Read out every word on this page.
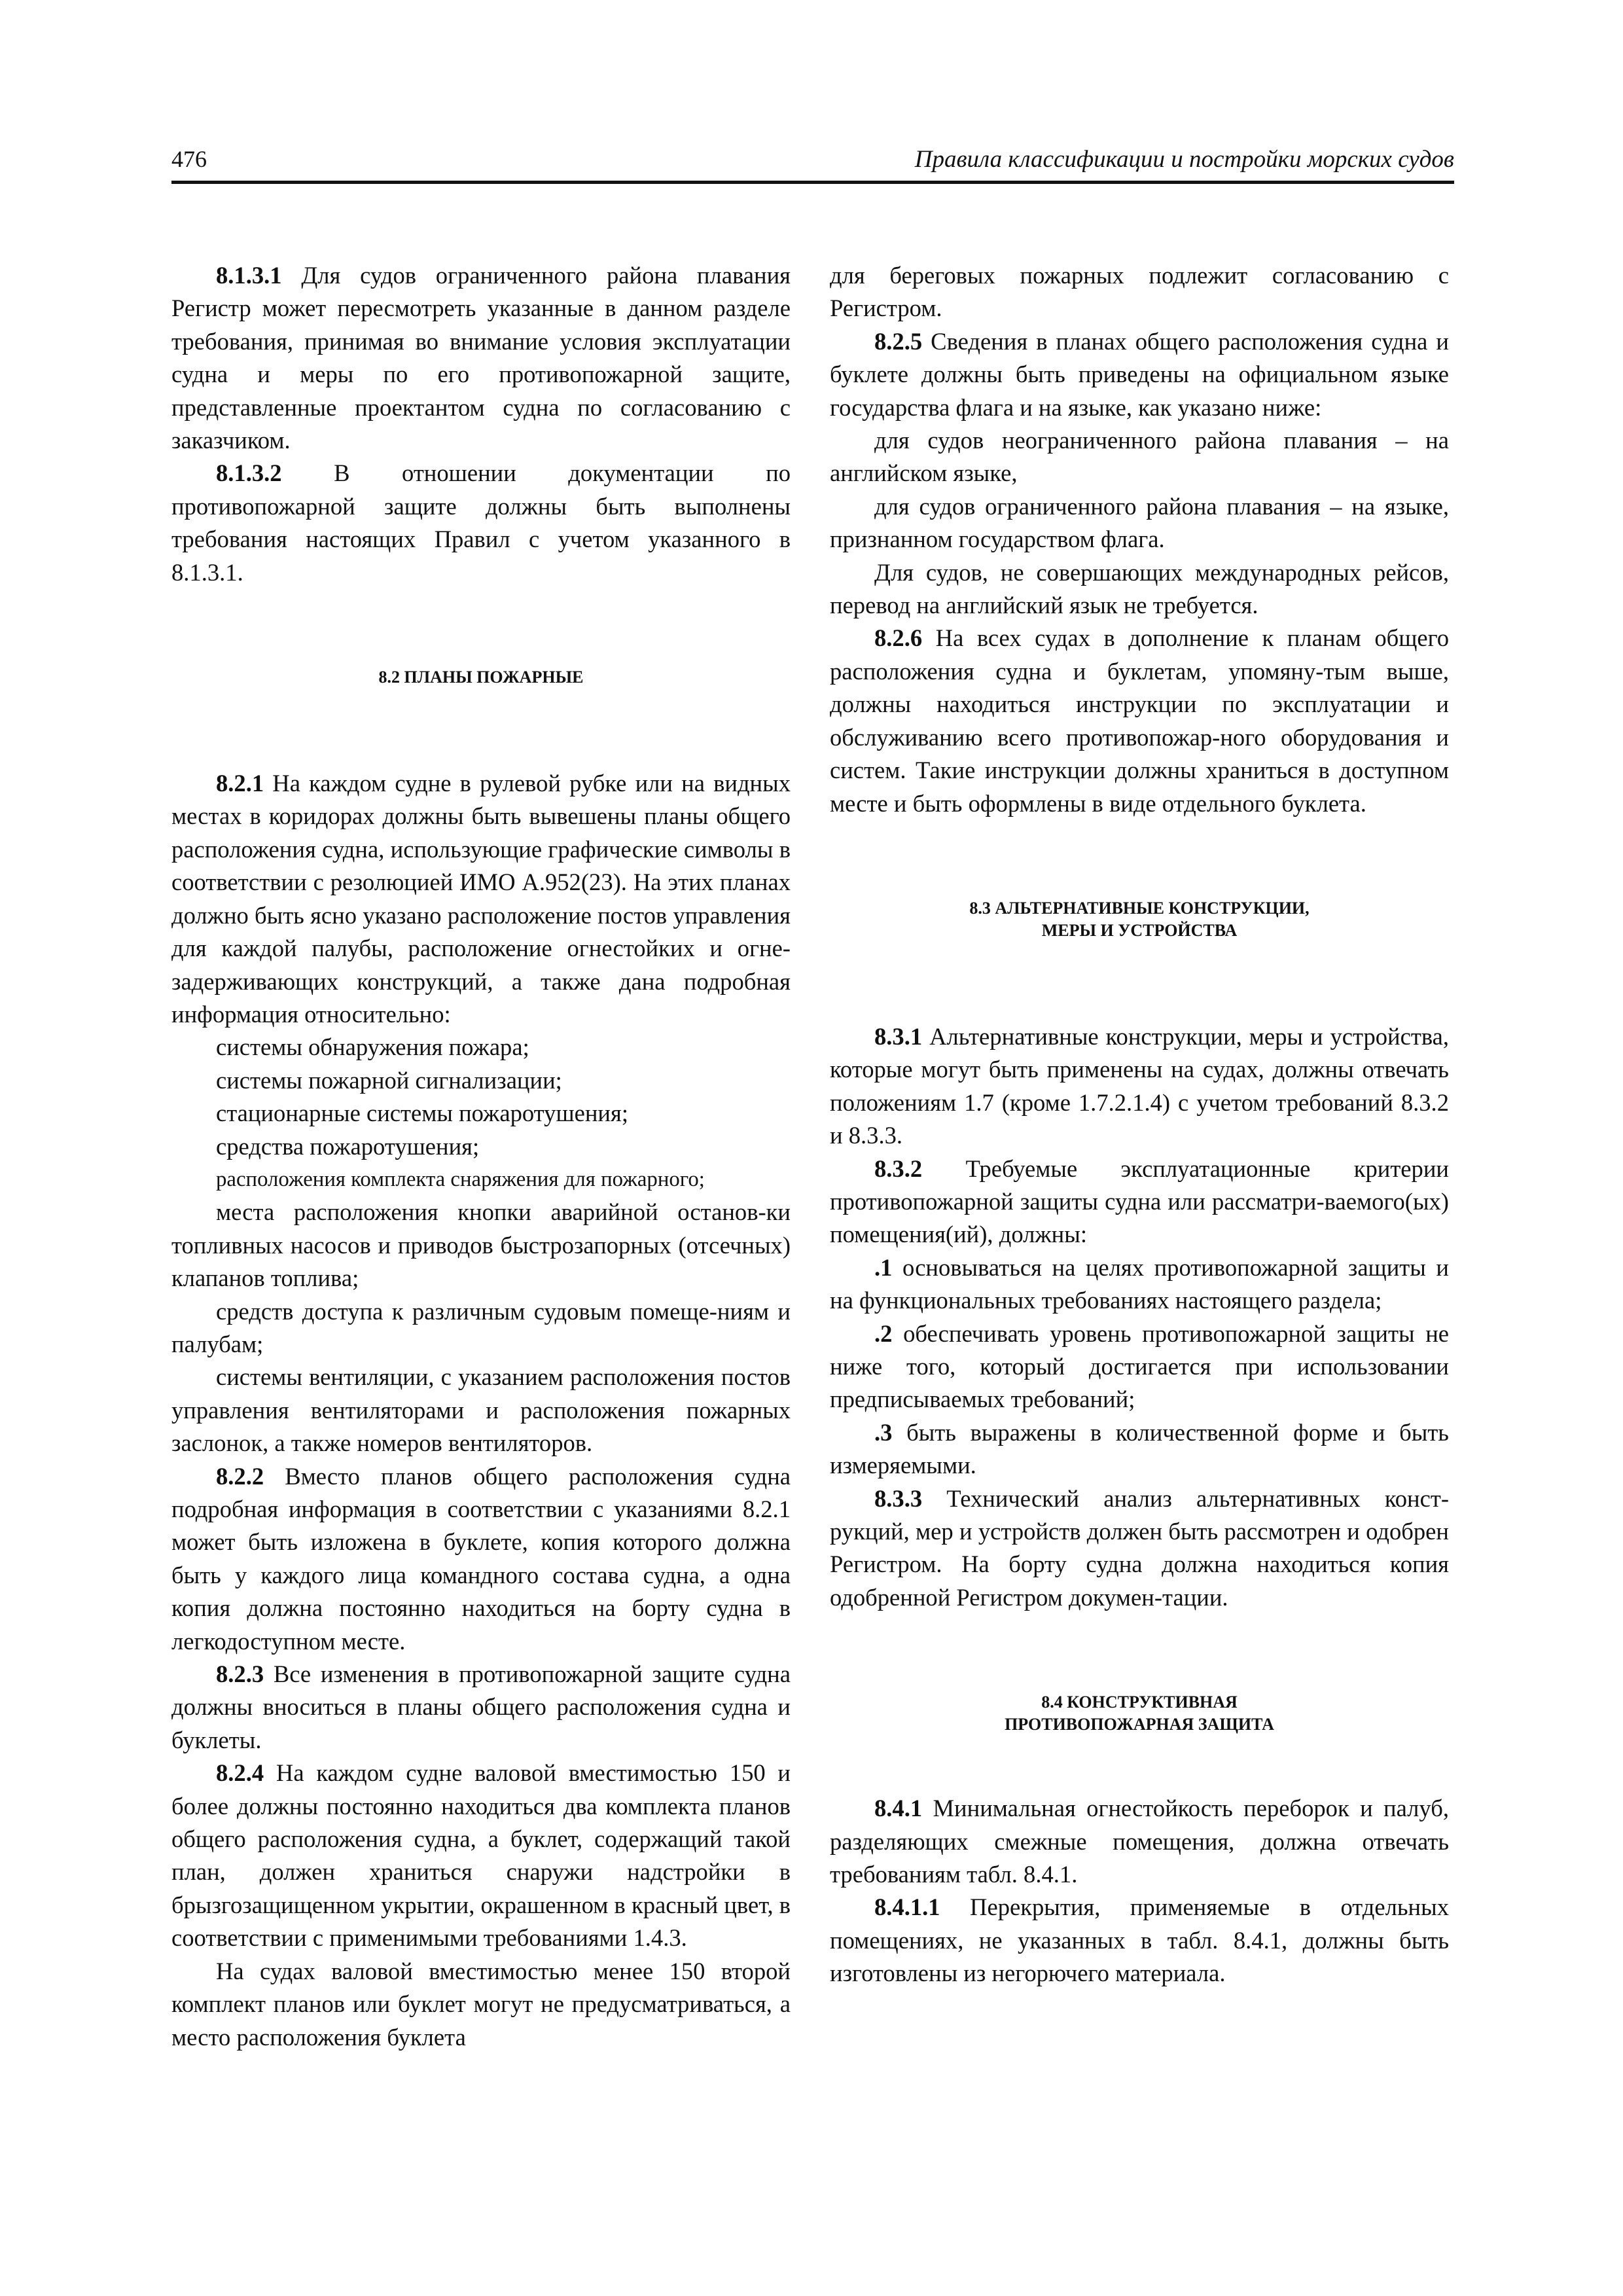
476	Правила классификации и постройки морских судов

8.1.3.1 Для судов ограниченного района плавания Регистр может пересмотреть указанные в данном разделе требования, принимая во внимание условия эксплуатации судна и меры по его противопожарной защите, представленные проектантом судна по согласованию с заказчиком.

8.1.3.2 В отношении документации по противопожарной защите должны быть выполнены требования настоящих Правил с учетом указанного в 8.1.3.1.

8.2 ПЛАНЫ ПОЖАРНЫЕ

8.2.1 На каждом судне в рулевой рубке или на видных местах в коридорах должны быть вывешены планы общего расположения судна, использующие графические символы в соответствии с резолюцией ИМО А.952(23). На этих планах должно быть ясно указано расположение постов управления для каждой палубы, расположение огнестойких и огне-задерживающих конструкций, а также дана подробная информация относительно:

системы обнаружения пожара;

системы пожарной сигнализации;

стационарные системы пожаротушения;

средства пожаротушения;

расположения комплекта снаряжения для пожарного;

места расположения кнопки аварийной останов-ки топливных насосов и приводов быстрозапорных (отсечных) клапанов топлива;

средств доступа к различным судовым помеще-ниям и палубам;

системы вентиляции, с указанием расположения постов управления вентиляторами и расположения пожарных заслонок, а также номеров вентиляторов.

8.2.2 Вместо планов общего расположения судна подробная информация в соответствии с указаниями 8.2.1 может быть изложена в буклете, копия которого должна быть у каждого лица командного состава судна, а одна копия должна постоянно находиться на борту судна в легкодоступном месте.

8.2.3 Все изменения в противопожарной защите судна должны вноситься в планы общего расположения судна и буклеты.

8.2.4 На каждом судне валовой вместимостью 150 и более должны постоянно находиться два комплекта планов общего расположения судна, а буклет, содержащий такой план, должен храниться снаружи надстройки в брызгозащищенном укрытии, окрашенном в красный цвет, в соответствии с применимыми требованиями 1.4.3.

На судах валовой вместимостью менее 150 второй комплект планов или буклет могут не предусматриваться, а место расположения буклета

для береговых пожарных подлежит согласованию с Регистром.

8.2.5 Сведения в планах общего расположения судна и буклете должны быть приведены на официальном языке государства флага и на языке, как указано ниже:

для судов неограниченного района плавания – на английском языке,

для судов ограниченного района плавания – на языке, признанном государством флага.

Для судов, не совершающих международных рейсов, перевод на английский язык не требуется.

8.2.6 На всех судах в дополнение к планам общего расположения судна и буклетам, упомяну-тым выше, должны находиться инструкции по эксплуатации и обслуживанию всего противопожар-ного оборудования и систем. Такие инструкции должны храниться в доступном месте и быть оформлены в виде отдельного буклета.

8.3 АЛЬТЕРНАТИВНЫЕ КОНСТРУКЦИИ,

МЕРЫ И УСТРОЙСТВА

8.3.1 Альтернативные конструкции, меры и устройства, которые могут быть применены на судах, должны отвечать положениям 1.7 (кроме 1.7.2.1.4) с учетом требований 8.3.2 и 8.3.3.

8.3.2 Требуемые эксплуатационные критерии противопожарной защиты судна или рассматри-ваемого(ых) помещения(ий), должны:

.1 основываться на целях противопожарной защиты и на функциональных требованиях настоящего раздела;

.2 обеспечивать уровень противопожарной защиты не ниже того, который достигается при использовании предписываемых требований;

.3 быть выражены в количественной форме и быть измеряемыми.

8.3.3 Технический анализ альтернативных конст-рукций, мер и устройств должен быть рассмотрен и одобрен Регистром. На борту судна должна находиться копия одобренной Регистром докумен-тации.

8.4 КОНСТРУКТИВНАЯ

ПРОТИВОПОЖАРНАЯ ЗАЩИТА

8.4.1 Минимальная огнестойкость переборок и палуб, разделяющих смежные помещения, должна отвечать требованиям табл. 8.4.1.

8.4.1.1 Перекрытия, применяемые в отдельных помещениях, не указанных в табл. 8.4.1, должны быть изготовлены из негорючего материала.
